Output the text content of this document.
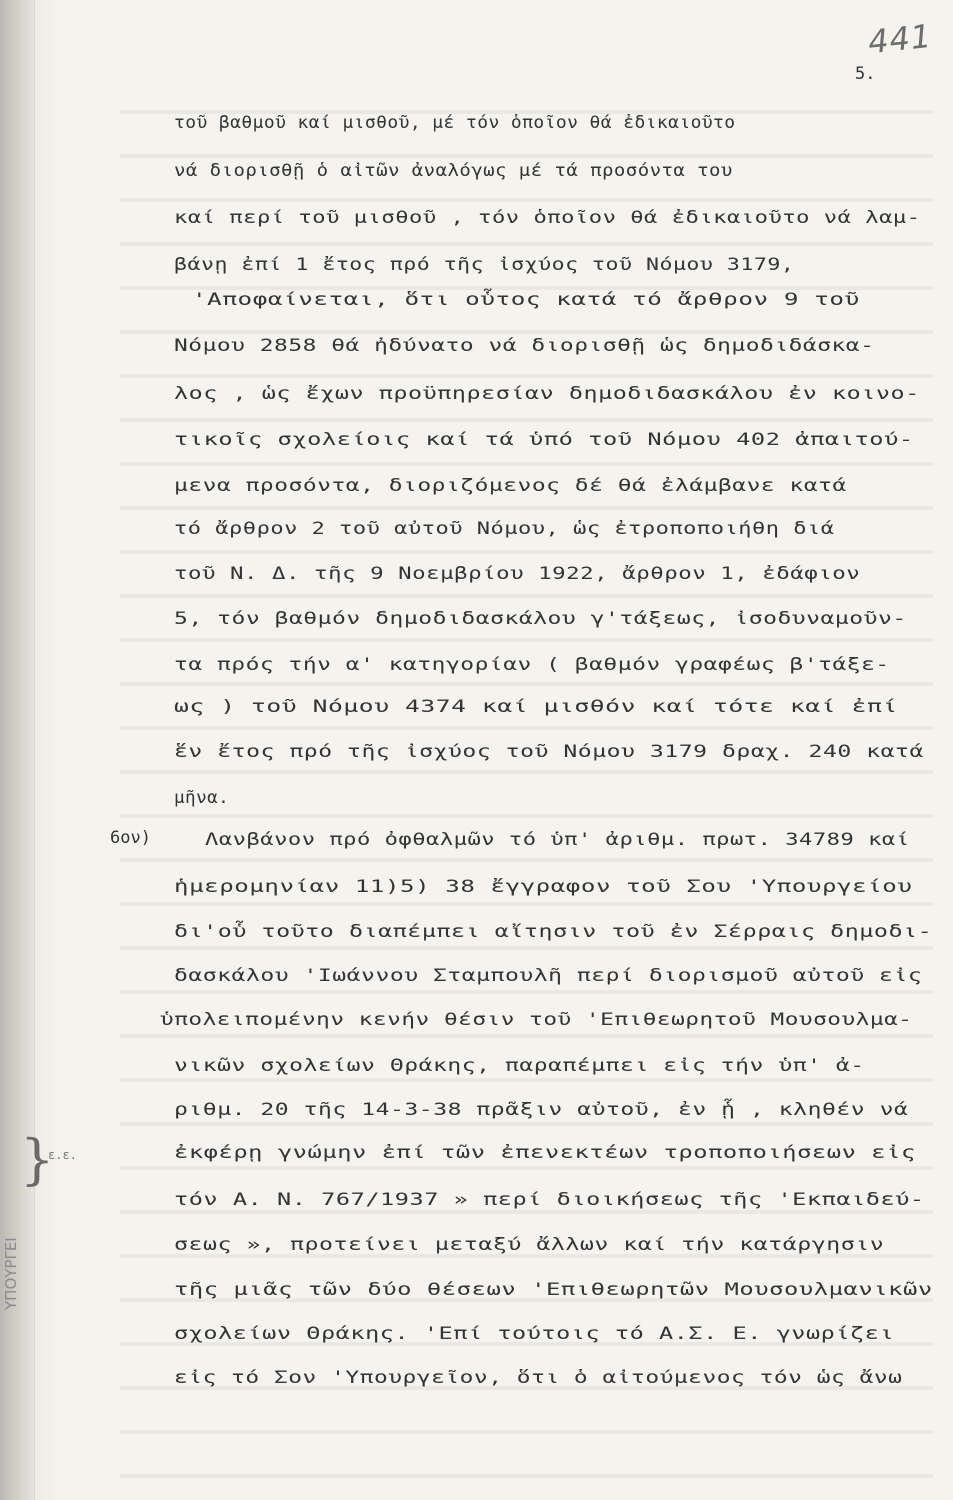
441
5.
6ον)
τοῦ βαθμοῦ καί μισθοῦ, μέ τόν ὁποῖον θά ἐδικαιοῦτο
νά διορισθῇ ὁ αἰτῶν ἀναλόγως μέ τά προσόντα του
καί περί τοῦ μισθοῦ , τόν ὁποῖον θά ἐδικαιοῦτο νά λαμ-
βάνῃ ἐπί 1 ἔτος πρό τῆς ἰσχύος τοῦ Νόμου 3179,
'Αποφαίνεται, ὅτι οὗτος κατά τό ἄρθρον 9 τοῦ
Νόμου 2858 θά ἠδύνατο νά διορισθῇ ὡς δημοδιδάσκα-
λος , ὡς ἔχων προϋπηρεσίαν δημοδιδασκάλου ἐν κοινο-
τικοῖς σχολείοις καί τά ὑπό τοῦ Νόμου 402 ἀπαιτού-
μενα προσόντα, διοριζόμενος δέ θά ἐλάμβανε κατά
τό ἄρθρον 2 τοῦ αὐτοῦ Νόμου, ὡς ἐτροποποιήθη διά
τοῦ Ν. Δ. τῆς 9 Νοεμβρίου 1922, ἄρθρον 1, ἐδάφιον
5, τόν βαθμόν δημοδιδασκάλου γ'τάξεως, ἰσοδυναμοῦν-
τα πρός τήν α' κατηγορίαν ( βαθμόν γραφέως β'τάξε-
ως ) τοῦ Νόμου 4374 καί μισθόν καί τότε καί ἐπί
ἕν ἔτος πρό τῆς ἰσχύος τοῦ Νόμου 3179 δραχ. 240 κατά
μῆνα.
Λανβάνον πρό ὀφθαλμῶν τό ὑπ' ἀριθμ. πρωτ. 34789 καί
ἡμερομηνίαν 11)5) 38 ἔγγραφον τοῦ Σου 'Υπουργείου
δι'οὗ τοῦτο διαπέμπει αἴτησιν τοῦ ἐν Σέρραις δημοδι-
δασκάλου 'Ιωάννου Σταμπουλῆ περί διορισμοῦ αὐτοῦ εἰς
ὑπολειπομένην κενήν θέσιν τοῦ 'Επιθεωρητοῦ Μουσουλμα-
νικῶν σχολείων Θράκης, παραπέμπει εἰς τήν ὑπ' ἀ-
ριθμ. 20 τῆς 14-3-38 πρᾶξιν αὐτοῦ, ἐν ᾗ , κληθέν νά
ἐκφέρῃ γνώμην ἐπί τῶν ἐπενεκτέων τροποποιήσεων εἰς
τόν Α. Ν. 767/1937 » περί διοικήσεως τῆς 'Εκπαιδεύ-
σεως », προτείνει μεταξύ ἄλλων καί τήν κατάργησιν
τῆς μιᾶς τῶν δύο θέσεων 'Επιθεωρητῶν Μουσουλμανικῶν
σχολείων Θράκης. 'Επί τούτοις τό Α.Σ. Ε. γνωρίζει
εἰς τό Σον 'Υπουργεῖον, ὅτι ὁ αἰτούμενος τόν ὡς ἄνω
}
ε.ε.
ΥΠΟΥΡΓΕΙ
